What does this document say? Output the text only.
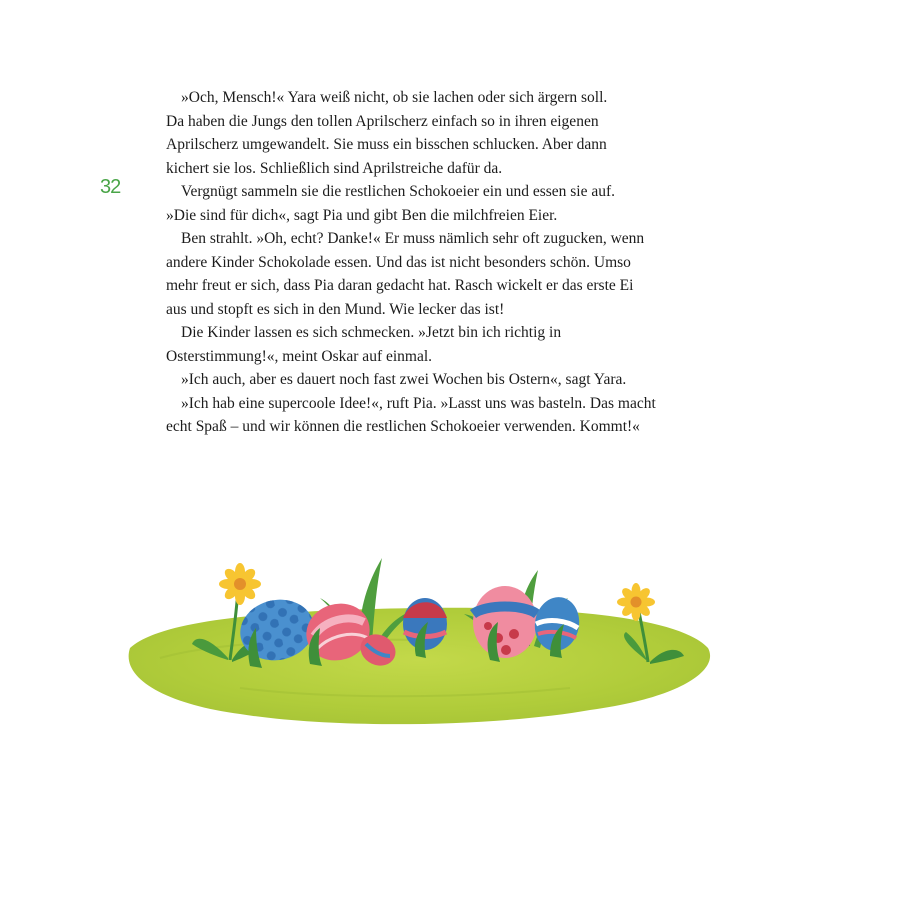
32

»Och, Mensch!« Yara weiß nicht, ob sie lachen oder sich ärgern soll.

Da haben die Jungs den tollen Aprilscherz einfach so in ihren eigenen

Aprilscherz umgewandelt. Sie muss ein bisschen schlucken. Aber dann

kichert sie los. Schließlich sind Aprilstreiche dafür da.

Vergnügt sammeln sie die restlichen Schokoeier ein und essen sie auf.

»Die sind für dich«, sagt Pia und gibt Ben die milchfreien Eier.

Ben strahlt. »Oh, echt? Danke!« Er muss nämlich sehr oft zugucken, wenn

andere Kinder Schokolade essen. Und das ist nicht besonders schön. Umso

mehr freut er sich, dass Pia daran gedacht hat. Rasch wickelt er das erste Ei

aus und stopft es sich in den Mund. Wie lecker das ist!

Die Kinder lassen es sich schmecken. »Jetzt bin ich richtig in

Osterstimmung!«, meint Oskar auf einmal.

»Ich auch, aber es dauert noch fast zwei Wochen bis Ostern«, sagt Yara.

»Ich hab eine supercoole Idee!«, ruft Pia. »Lasst uns was basteln. Das macht

echt Spaß – und wir können die restlichen Schokoeier verwenden. Kommt!«
